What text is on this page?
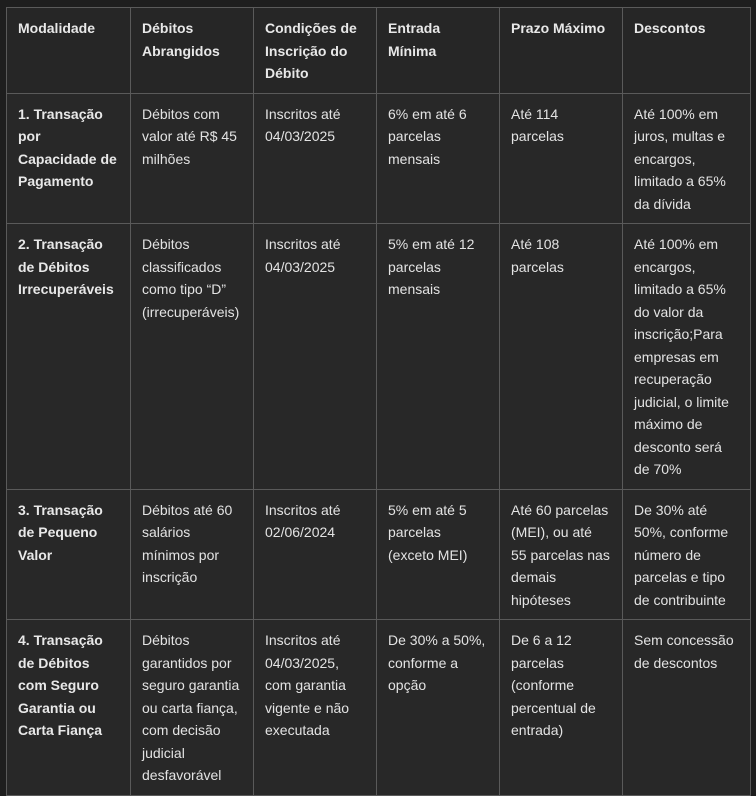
Modalidade	Débitos Abrangidos	Condições de Inscrição do Débito	Entrada Mínima	Prazo Máximo	Descontos
1. Transação por Capacidade de Pagamento	Débitos com valor até R$ 45 milhões	Inscritos até 04/03/2025	6% em até 6 parcelas mensais	Até 114 parcelas	Até 100% em juros, multas e encargos, limitado a 65% da dívida
2. Transação de Débitos Irrecuperáveis	Débitos classificados como tipo “D” (irrecuperáveis)	Inscritos até 04/03/2025	5% em até 12 parcelas mensais	Até 108 parcelas	Até 100% em encargos, limitado a 65% do valor da inscrição;Para empresas em recuperação judicial, o limite máximo de desconto será de 70%
3. Transação de Pequeno Valor	Débitos até 60 salários mínimos por inscrição	Inscritos até 02/06/2024	5% em até 5 parcelas (exceto MEI)	Até 60 parcelas (MEI), ou até 55 parcelas nas demais hipóteses	De 30% até 50%, conforme número de parcelas e tipo de contribuinte
4. Transação de Débitos com Seguro Garantia ou Carta Fiança	Débitos garantidos por seguro garantia ou carta fiança, com decisão judicial desfavorável	Inscritos até 04/03/2025, com garantia vigente e não executada	De 30% a 50%, conforme a opção	De 6 a 12 parcelas (conforme percentual de entrada)	Sem concessão de descontos
